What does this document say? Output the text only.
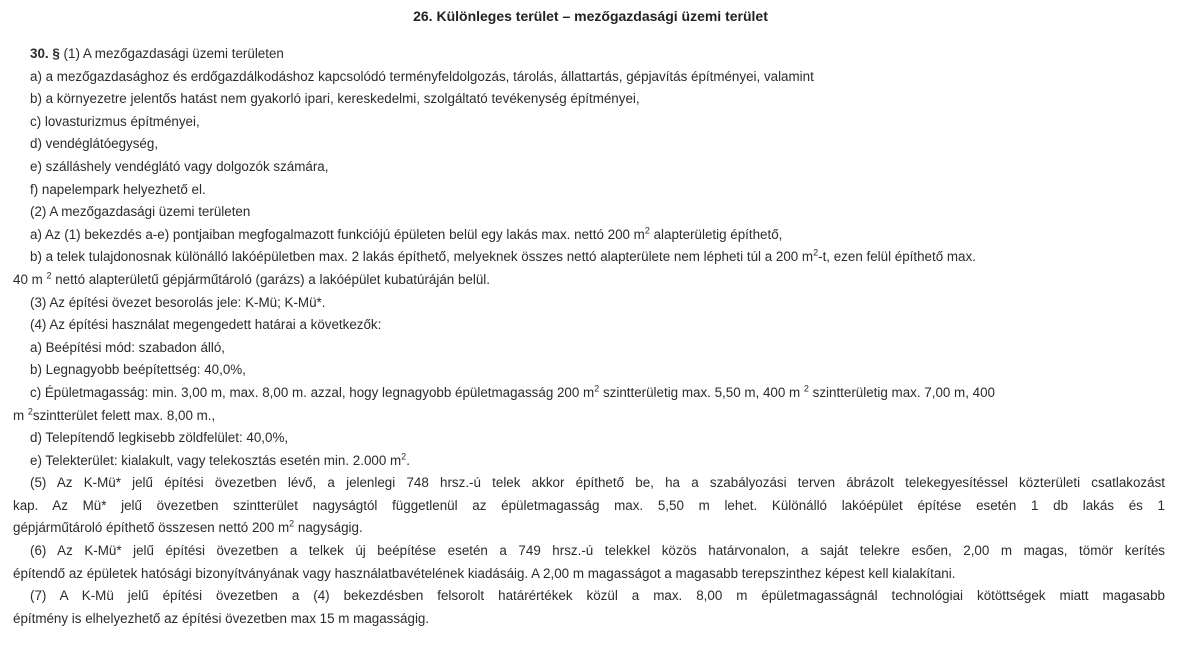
26. Különleges terület – mezőgazdasági üzemi terület
30. § (1) A mezőgazdasági üzemi területen
a) a mezőgazdasághoz és erdőgazdálkodáshoz kapcsolódó terményfeldolgozás, tárolás, állattartás, gépjavítás építményei, valamint
b) a környezetre jelentős hatást nem gyakorló ipari, kereskedelmi, szolgáltató tevékenység építményei,
c) lovasturizmus építményei,
d) vendéglátóegység,
e) szálláshely vendéglátó vagy dolgozók számára,
f) napelempark helyezhető el.
(2) A mezőgazdasági üzemi területen
a) Az (1) bekezdés a-e) pontjaiban megfogalmazott funkciójú épületen belül egy lakás max. nettó 200 $m^2$ alapterületig építhető,
b) a telek tulajdonosnak különálló lakóépületben max. 2 lakás építhető, melyeknek összes nettó alapterülete nem lépheti túl a 200 $m^2-t$, ezen felül építhető max.
40 m $^2$ nettó alapterületű gépjárműtároló (garázs) a lakóépület kubatúráján belül.
(3) Az építési övezet besorolás jele: K-Mü; K-Mü*.
(4) Az építési használat megengedett határai a következők:
a) Beépítési mód: szabadon álló,
b) Legnagyobb beépítettség: 40,0%,
c) Épületmagasság: min. 3,00 m, max. 8,00 m. azzal, hogy legnagyobb épületmagasság 200 $m^2$ szintterületig max. 5,50 m, 400 m $^2$ szintterületig max. 7,00 m, 400
m $^2$szintterület felett max. 8,00 m.,
d) Telepítendő legkisebb zöldfelület: 40,0%,
e) Telekterület: kialakult, vagy telekosztás esetén min. 2.000 $m^2$.
(5) Az K-Mü* jelű építési övezetben lévő, a jelenlegi 748 hrsz.-ú telek akkor építhető be, ha a szabályozási terven ábrázolt telekegyesítéssel közterületi csatlakozást
kap. Az Mü* jelű övezetben szintterület nagyságtól függetlenül az épületmagasság max. 5,50 m lehet. Különálló lakóépület építése esetén 1 db lakás és 1
gépjárműtároló építhető összesen nettó 200 $m^2$ nagyságig.
(6) Az K-Mü* jelű építési övezetben a telkek új beépítése esetén a 749 hrsz.-ú telekkel közös határvonalon, a saját telekre esően, 2,00 m magas, tömör kerítés
építendő az épületek hatósági bizonyítványának vagy használatbavételének kiadásáig. A 2,00 m magasságot a magasabb terepszinthez képest kell kialakítani.
(7) A K-Mü jelű építési övezetben a (4) bekezdésben felsorolt határértékek közül a max. 8,00 m épületmagasságnál technológiai kötöttségek miatt magasabb
építmény is elhelyezhető az építési övezetben max 15 m magasságig.
